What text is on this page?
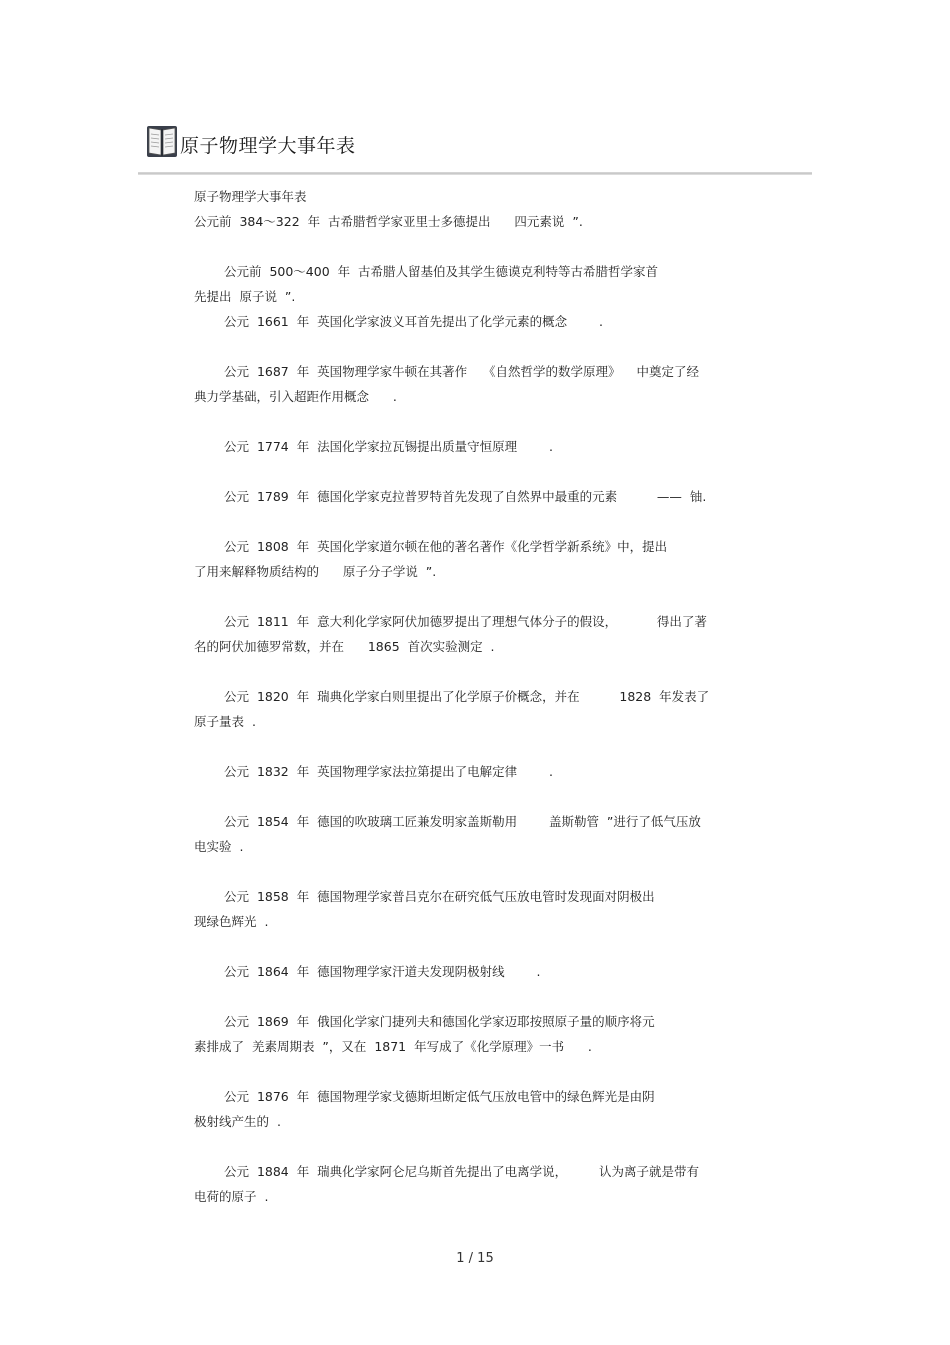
原子物理学大事年表
原子物理学大事年表
公元前  384～322  年  古希腊哲学家亚里士多德提出      四元素说  ”.
公元前  500～400  年  古希腊人留基伯及其学生德谟克利特等古希腊哲学家首
先提出  原子说  ”.
公元  1661  年  英国化学家波义耳首先提出了化学元素的概念        .
公元  1687  年  英国物理学家牛顿在其著作    《自然哲学的数学原理》    中奠定了经
典力学基础，引入超距作用概念      .
公元  1774  年  法国化学家拉瓦锡提出质量守恒原理        .
公元  1789  年  德国化学家克拉普罗特首先发现了自然界中最重的元素          ——  铀.
公元  1808  年  英国化学家道尔顿在他的著名著作《化学哲学新系统》中，提出
了用来解释物质结构的      原子分子学说  ”.
公元  1811  年  意大利化学家阿伏加德罗提出了理想气体分子的假设，          得出了著
名的阿伏加德罗常数，并在      1865  首次实验测定  .
公元  1820  年  瑞典化学家白则里提出了化学原子价概念，并在          1828  年发表了
原子量表  .
公元  1832  年  英国物理学家法拉第提出了电解定律        .
公元  1854  年  德国的吹玻璃工匠兼发明家盖斯勒用        盖斯勒管  ”进行了低气压放
电实验  .
公元  1858  年  德国物理学家普吕克尔在研究低气压放电管时发现面对阴极出
现绿色辉光  .
公元  1864  年  德国物理学家汗道夫发现阴极射线        .
公元  1869  年  俄国化学家门捷列夫和德国化学家迈耶按照原子量的顺序将元
素排成了  羌素周期表  ”，又在  1871  年写成了《化学原理》一书      .
公元  1876  年  德国物理学家戈德斯坦断定低气压放电管中的绿色辉光是由阴
极射线产生的  .
公元  1884  年  瑞典化学家阿仑尼乌斯首先提出了电离学说，        认为离子就是带有
电荷的原子  .
1 / 15
